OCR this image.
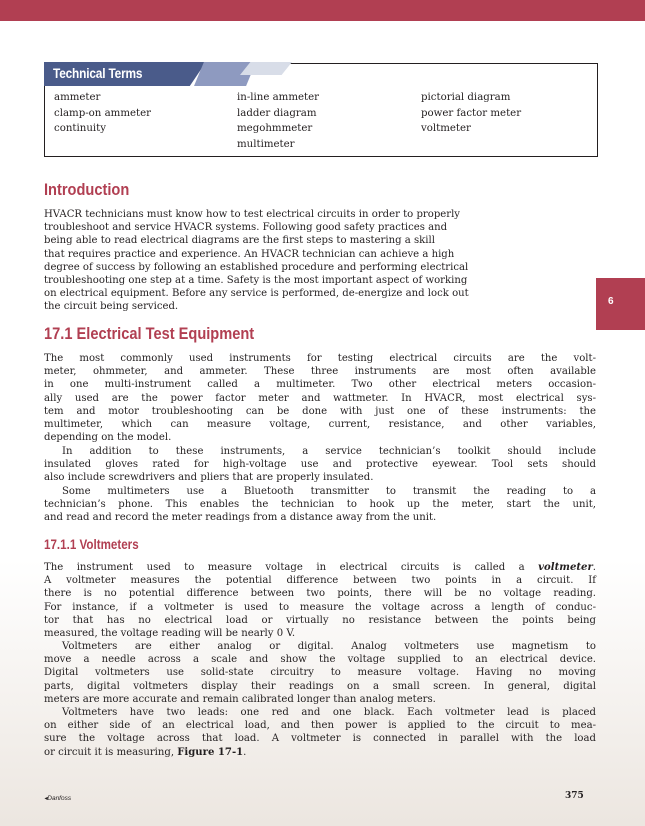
Technical Terms
ammeter
clamp-on ammeter
continuity
in-line ammeter
ladder diagram
megohmmeter
multimeter
pictorial diagram
power factor meter
voltmeter
Introduction

HVACR technicians must know how to test electrical circuits in order to properly
troubleshoot and service HVACR systems. Following good safety practices and
being able to read electrical diagrams are the first steps to mastering a skill
that requires practice and experience. An HVACR technician can achieve a high
degree of success by following an established procedure and performing electrical
troubleshooting one step at a time. Safety is the most important aspect of working
on electrical equipment. Before any service is performed, de-energize and lock out
the circuit being serviced.	6
17.1 Electrical Test Equipment

The most commonly used instruments for testing electrical circuits are the volt-
meter, ohmmeter, and ammeter. These three instruments are most often available
in one multi-instrument called a multimeter. Two other electrical meters occasion-
ally used are the power factor meter and wattmeter. In HVACR, most electrical sys-
tem and motor troubleshooting can be done with just one of these instruments: the
multimeter, which can measure voltage, current, resistance, and other variables,
depending on the model.

In addition to these instruments, a service technician’s toolkit should include
insulated gloves rated for high-voltage use and protective eyewear. Tool sets should
also include screwdrivers and pliers that are properly insulated.

Some multimeters use a Bluetooth transmitter to transmit the reading to a
technician’s phone. This enables the technician to hook up the meter, start the unit,
and read and record the meter readings from a distance away from the unit.

17.1.1 Voltmeters

The instrument used to measure voltage in electrical circuits is called a voltmeter.
A voltmeter measures the potential difference between two points in a circuit. If
there is no potential difference between two points, there will be no voltage reading.
For instance, if a voltmeter is used to measure the voltage across a length of conduc-
tor that has no electrical load or virtually no resistance between the points being
measured, the voltage reading will be nearly 0 V.

Voltmeters are either analog or digital. Analog voltmeters use magnetism to
move a needle across a scale and show the voltage supplied to an electrical device.
Digital voltmeters use solid-state circuitry to measure voltage. Having no moving
parts, digital voltmeters display their readings on a small screen. In general, digital
meters are more accurate and remain calibrated longer than analog meters.

Voltmeters have two leads: one red and one black. Each voltmeter lead is placed
on either side of an electrical load, and then power is applied to the circuit to mea-
sure the voltage across that load. A voltmeter is connected in parallel with the load
or circuit it is measuring, Figure 17-1.

◂Danfoss	375
